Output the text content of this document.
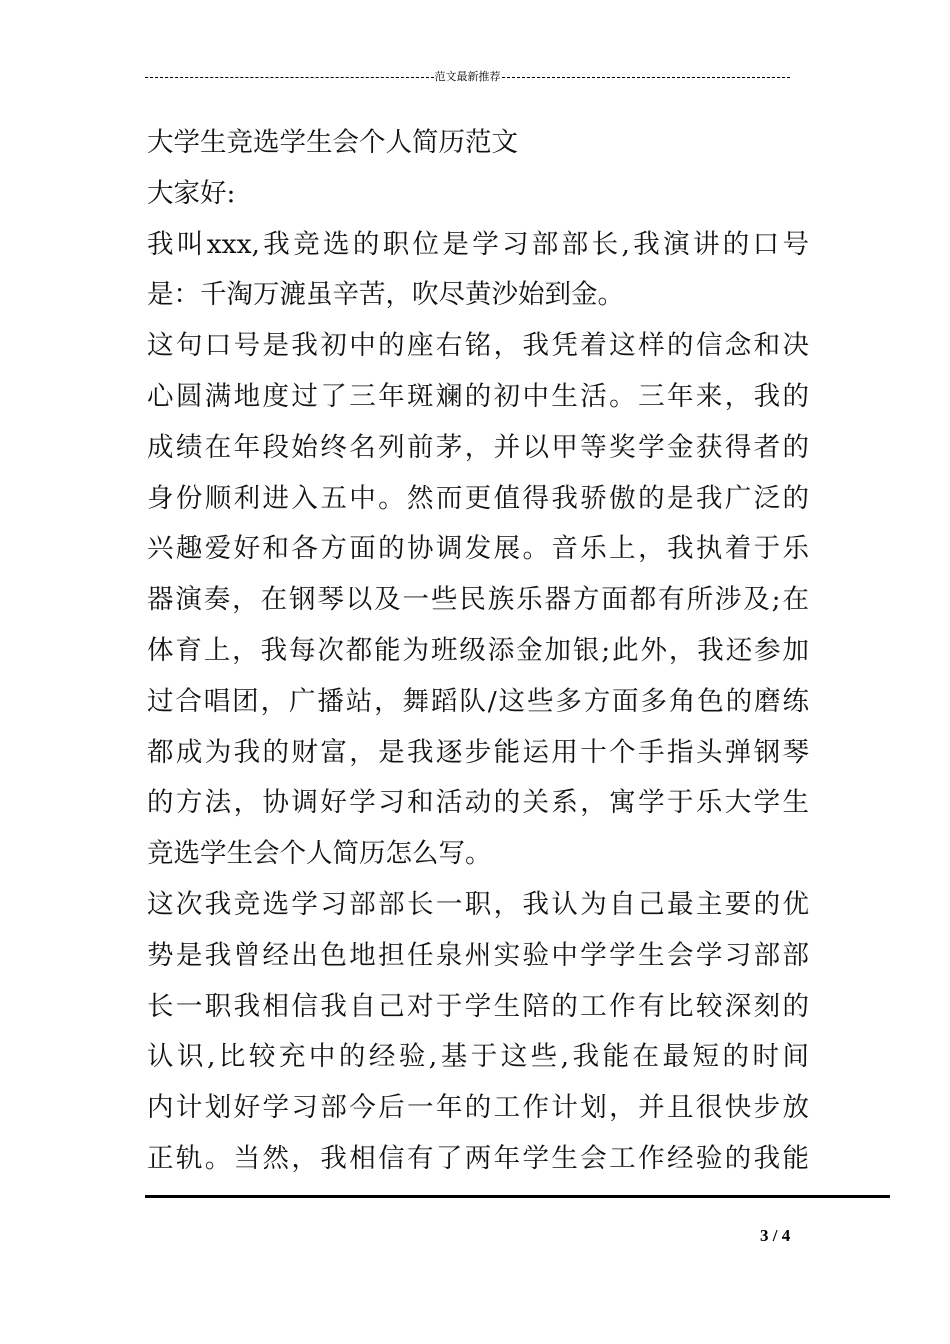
范文最新推荐
大学生竞选学生会个人简历范文
大家好:
我叫xxx,我竞选的职位是学习部部长,我演讲的口号
是：千淘万漉虽辛苦，吹尽黄沙始到金。
这句口号是我初中的座右铭，我凭着这样的信念和决
心圆满地度过了三年斑斓的初中生活。三年来，我的
成绩在年段始终名列前茅，并以甲等奖学金获得者的
身份顺利进入五中。然而更值得我骄傲的是我广泛的
兴趣爱好和各方面的协调发展。音乐上，我执着于乐
器演奏，在钢琴以及一些民族乐器方面都有所涉及;在
体育上，我每次都能为班级添金加银;此外，我还参加
过合唱团，广播站，舞蹈队/这些多方面多角色的磨练
都成为我的财富，是我逐步能运用十个手指头弹钢琴
的方法，协调好学习和活动的关系，寓学于乐大学生
竞选学生会个人简历怎么写。
这次我竞选学习部部长一职，我认为自己最主要的优
势是我曾经出色地担任泉州实验中学学生会学习部部
长一职我相信我自己对于学生陪的工作有比较深刻的
认识,比较充中的经验,基于这些,我能在最短的时间
内计划好学习部今后一年的工作计划，并且很快步放
正轨。当然，我相信有了两年学生会工作经验的我能
3 / 4
